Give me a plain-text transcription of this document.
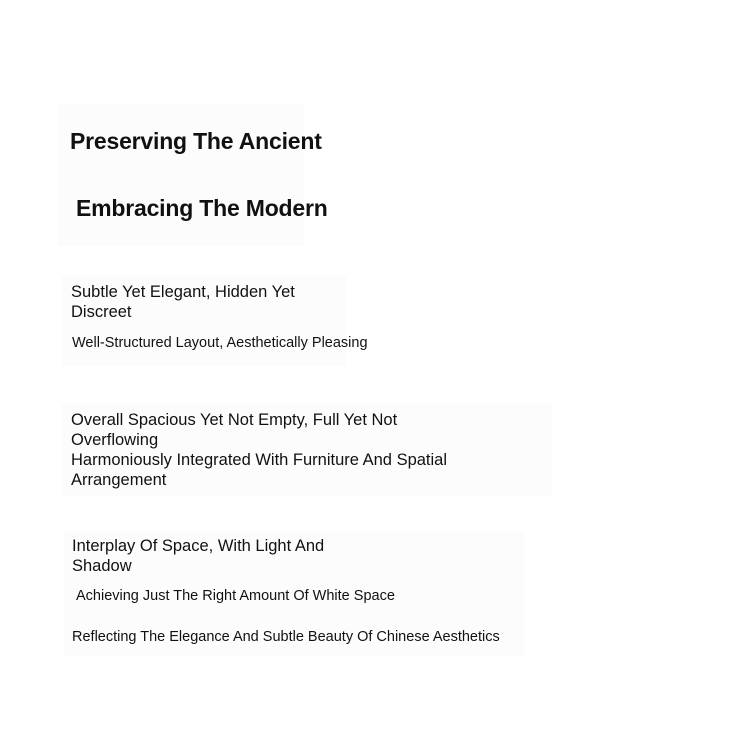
Preserving The Ancient
Embracing The Modern
Subtle Yet Elegant, Hidden Yet Discreet
Well-Structured Layout, Aesthetically Pleasing
Overall Spacious Yet Not Empty, Full Yet Not Overflowing
Harmoniously Integrated With Furniture And Spatial Arrangement
Interplay Of Space, With Light And Shadow
Achieving Just The Right Amount Of White Space
Reflecting The Elegance And Subtle Beauty Of Chinese Aesthetics
